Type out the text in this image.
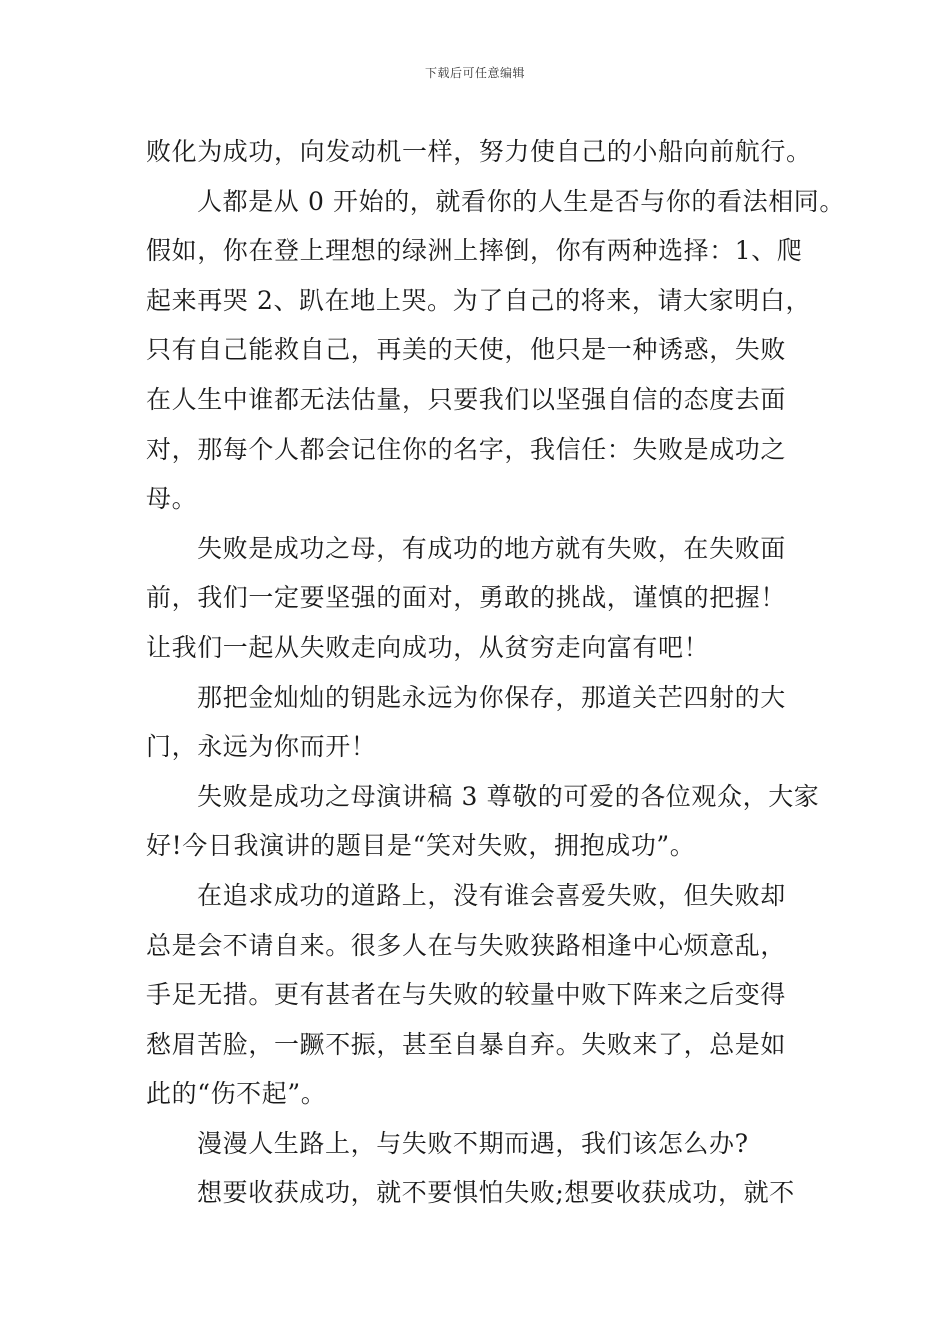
下载后可任意编辑
败化为成功，向发动机一样，努力使自己的小船向前航行。
人都是从 0 开始的，就看你的人生是否与你的看法相同。
假如，你在登上理想的绿洲上摔倒，你有两种选择：1、爬
起来再哭 2、趴在地上哭。为了自己的将来，请大家明白，
只有自己能救自己，再美的天使，他只是一种诱惑，失败
在人生中谁都无法估量，只要我们以坚强自信的态度去面
对，那每个人都会记住你的名字，我信任：失败是成功之
母。
失败是成功之母，有成功的地方就有失败，在失败面
前，我们一定要坚强的面对，勇敢的挑战，谨慎的把握！
让我们一起从失败走向成功，从贫穷走向富有吧！
那把金灿灿的钥匙永远为你保存，那道关芒四射的大
门，永远为你而开！
失败是成功之母演讲稿 3 尊敬的可爱的各位观众，大家
好!今日我演讲的题目是“笑对失败，拥抱成功”。
在追求成功的道路上，没有谁会喜爱失败，但失败却
总是会不请自来。很多人在与失败狭路相逢中心烦意乱，
手足无措。更有甚者在与失败的较量中败下阵来之后变得
愁眉苦脸，一蹶不振，甚至自暴自弃。失败来了，总是如
此的“伤不起”。
漫漫人生路上，与失败不期而遇，我们该怎么办?
想要收获成功，就不要惧怕失败;想要收获成功，就不
